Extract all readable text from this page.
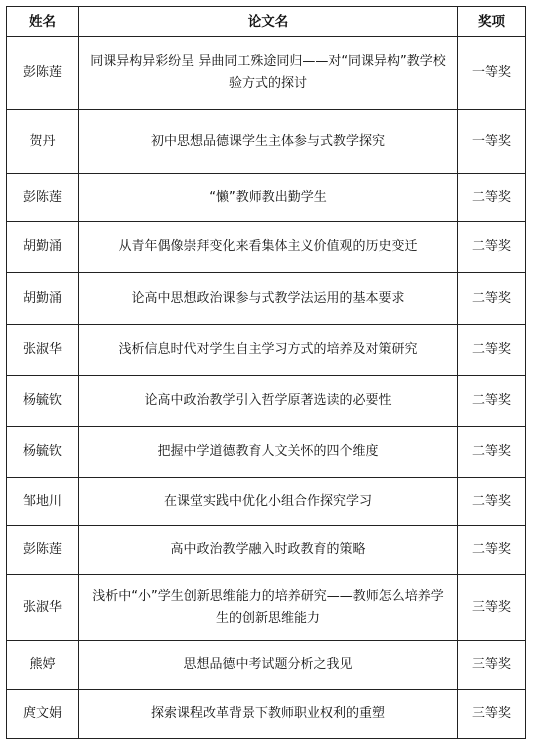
姓名	论文名	奖项
彭陈莲	同课异构异彩纷呈 异曲同工殊途同归——对“同课异构”教学校验方式的探讨	一等奖
贺丹	初中思想品德课学生主体参与式教学探究	一等奖
彭陈莲	“懒”教师教出勤学生	二等奖
胡勤涌	从青年偶像崇拜变化来看集体主义价值观的历史变迁	二等奖
胡勤涌	论高中思想政治课参与式教学法运用的基本要求	二等奖
张淑华	浅析信息时代对学生自主学习方式的培养及对策研究	二等奖
杨毓钦	论高中政治教学引入哲学原著选读的必要性	二等奖
杨毓钦	把握中学道德教育人文关怀的四个维度	二等奖
邹地川	在课堂实践中优化小组合作探究学习	二等奖
彭陈莲	高中政治教学融入时政教育的策略	二等奖
张淑华	浅析中“小”学生创新思维能力的培养研究——教师怎么培养学生的创新思维能力	三等奖
熊婷	思想品德中考试题分析之我见	三等奖
庹文娟	探索课程改革背景下教师职业权利的重塑	三等奖
